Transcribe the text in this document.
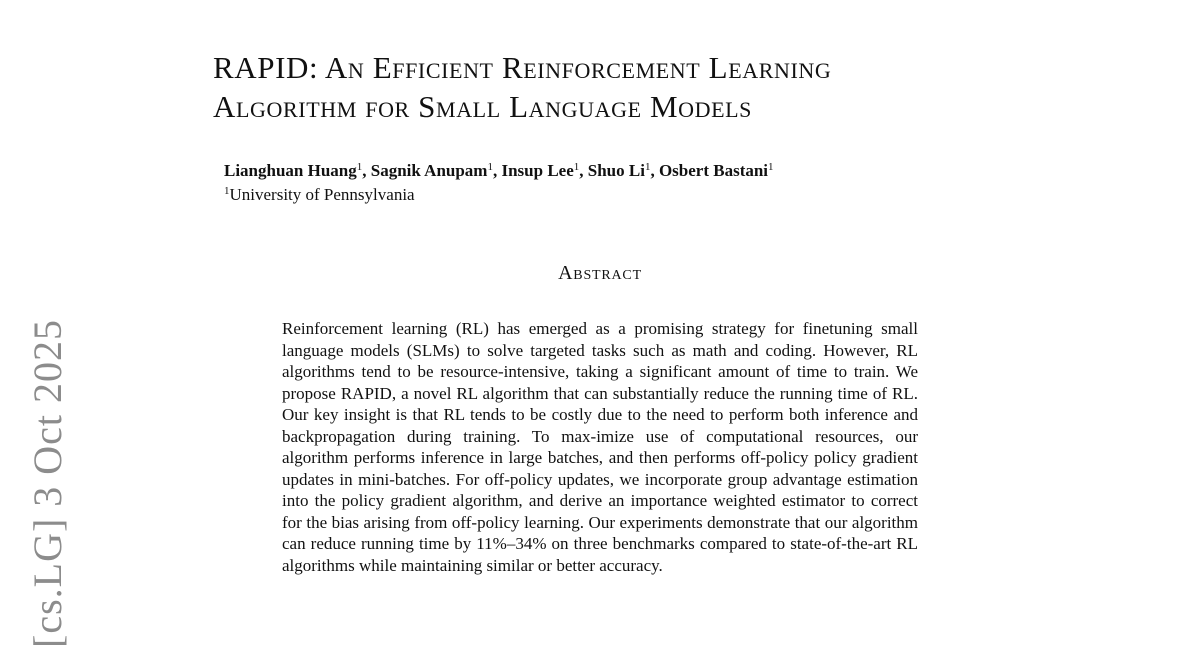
RAPID: An Efficient Reinforcement Learning
Algorithm for Small Language Models
Lianghuan Huang$^1$, Sagnik Anupam$^1$, Insup Lee$^1$, Shuo Li$^1$, Osbert Bastani$^1$
$^1$University of Pennsylvania
Abstract

Reinforcement learning (RL) has emerged as a promising strategy for finetuning small language models (SLMs) to solve targeted tasks such as math and coding. However, RL algorithms tend to be resource-intensive, taking a significant amount of time to train. We propose RAPID, a novel RL algorithm that can substantially reduce the running time of RL. Our key insight is that RL tends to be costly due to the need to perform both inference and backpropagation during training. To max-imize use of computational resources, our algorithm performs inference in large batches, and then performs off-policy policy gradient updates in mini-batches. For off-policy updates, we incorporate group advantage estimation into the policy gradient algorithm, and derive an importance weighted estimator to correct for the bias arising from off-policy learning. Our experiments demonstrate that our algorithm can reduce running time by 11%–34% on three benchmarks compared to state-of-the-art RL algorithms while maintaining similar or better accuracy.

[cs.LG] 3 Oct 2025
